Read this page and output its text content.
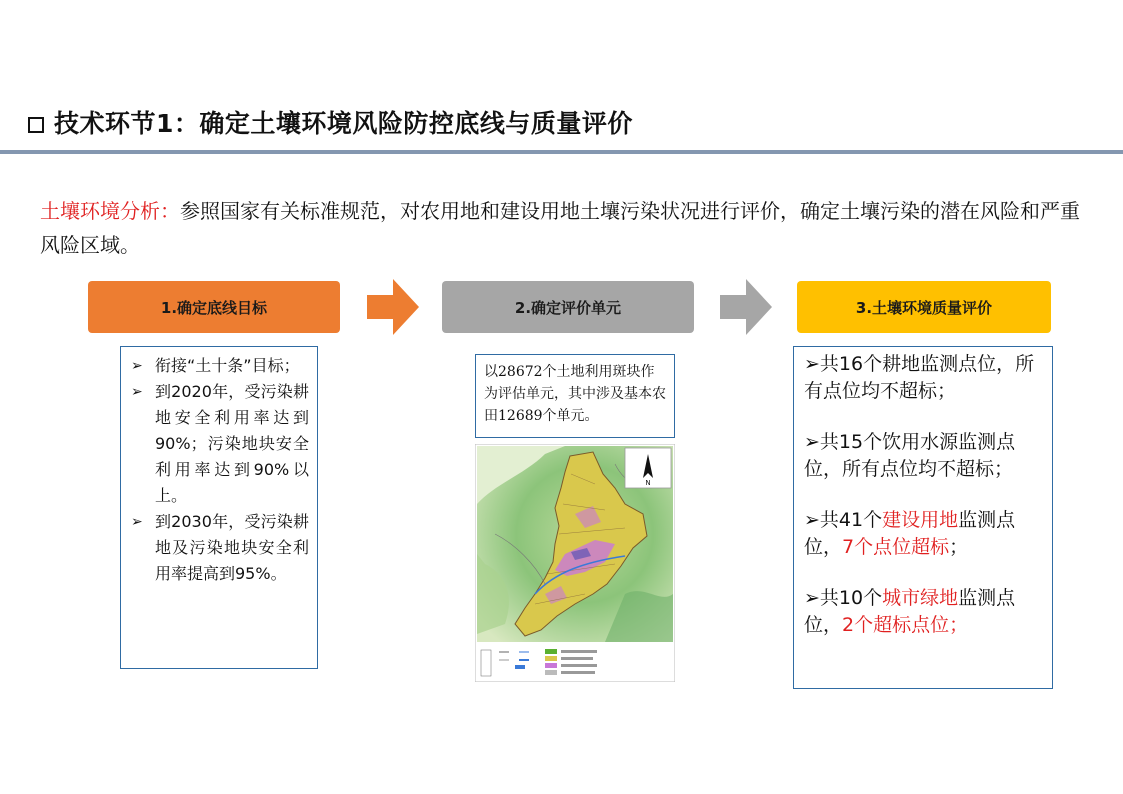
技术环节1：确定土壤环境风险防控底线与质量评价
土壤环境分析：参照国家有关标准规范，对农用地和建设用地土壤污染状况进行评价，确定土壤污染的潜在风险和严重风险区域。
1.确定底线目标	2.确定评价单元	3.土壤环境质量评价
➢ 衔接“土十条”目标；
➢ 到2020年，受污染耕地安全利用率达到90%；污染地块安全利用率达到90%以上。
➢ 到2030年，受污染耕地及污染地块安全利用率提高到95%。
以28672个土地利用斑块作为评估单元，其中涉及基本农田12689个单元。
N

➢共16个耕地监测点位，所有点位均不超标；

➢共15个饮用水源监测点位，所有点位均不超标；

➢共41个建设用地监测点位，7个点位超标；

➢共10个城市绿地监测点位，2个超标点位；
